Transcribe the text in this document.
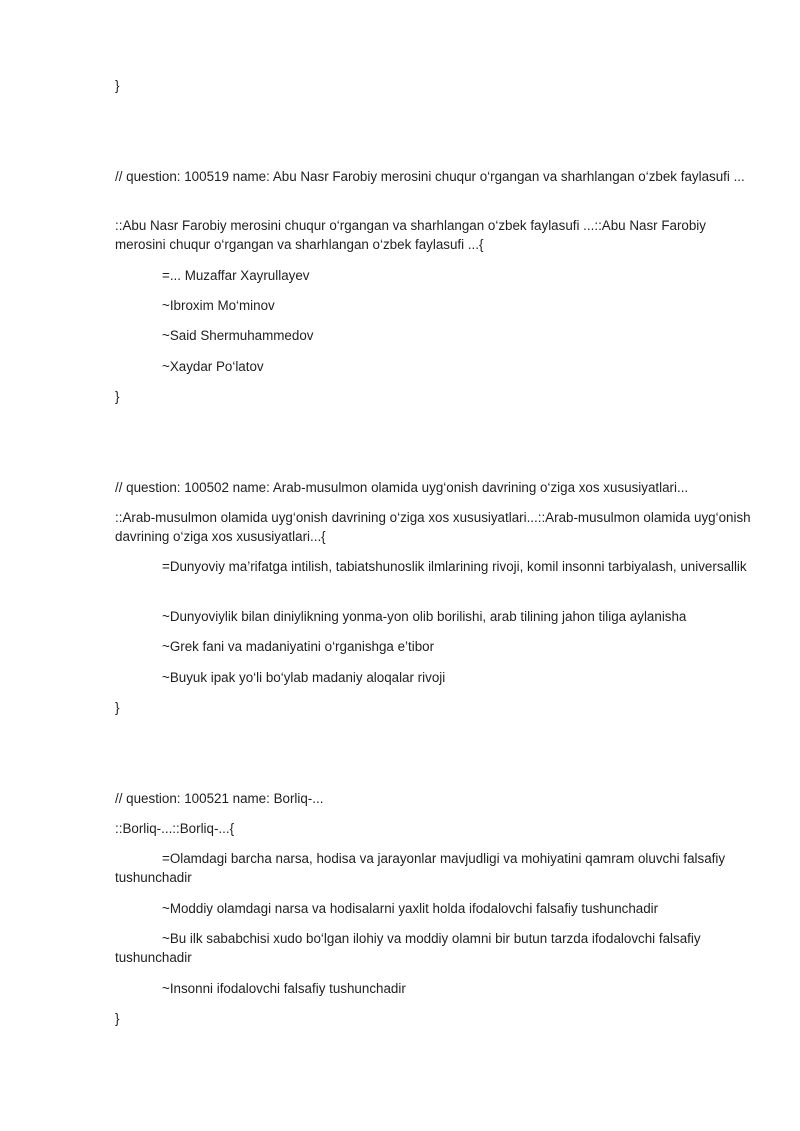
}

// question: 100519 name: Abu Nasr Farobiy merosini chuqur o‘rgangan va sharhlangan o‘zbek faylasufi ...

::Abu Nasr Farobiy merosini chuqur o‘rgangan va sharhlangan o‘zbek faylasufi ...::Abu Nasr Farobiy merosini chuqur o‘rgangan va sharhlangan o‘zbek faylasufi ...{

=... Muzaffar Xayrullayev

~Ibroxim Mo‘minov

~Said Shermuhammedov

~Xaydar Po‘latov

}

// question: 100502 name: Arab-musulmon olamida uyg‘onish davrining o‘ziga xos xususiyatlari...

::Arab-musulmon olamida uyg‘onish davrining o‘ziga xos xususiyatlari...::Arab-musulmon olamida uyg‘onish davrining o‘ziga xos xususiyatlari...{

=Dunyoviy ma’rifatga intilish, tabiatshunoslik ilmlarining rivoji, komil insonni tarbiyalash, universallik

~Dunyoviylik bilan diniylikning yonma-yon olib borilishi, arab tilining jahon tiliga aylanisha

~Grek fani va madaniyatini o‘rganishga e’tibor

~Buyuk ipak yo‘li bo‘ylab madaniy aloqalar rivoji

}

// question: 100521 name: Borliq-...

::Borliq-...::Borliq-...{

=Olamdagi barcha narsa, hodisa va jarayonlar mavjudligi va mohiyatini qamram oluvchi falsafiy tushunchadir

~Moddiy olamdagi narsa va hodisalarni yaxlit holda ifodalovchi falsafiy tushunchadir

~Bu ilk sababchisi xudo bo‘lgan ilohiy va moddiy olamni bir butun tarzda ifodalovchi falsafiy tushunchadir

~Insonni ifodalovchi falsafiy tushunchadir

}
